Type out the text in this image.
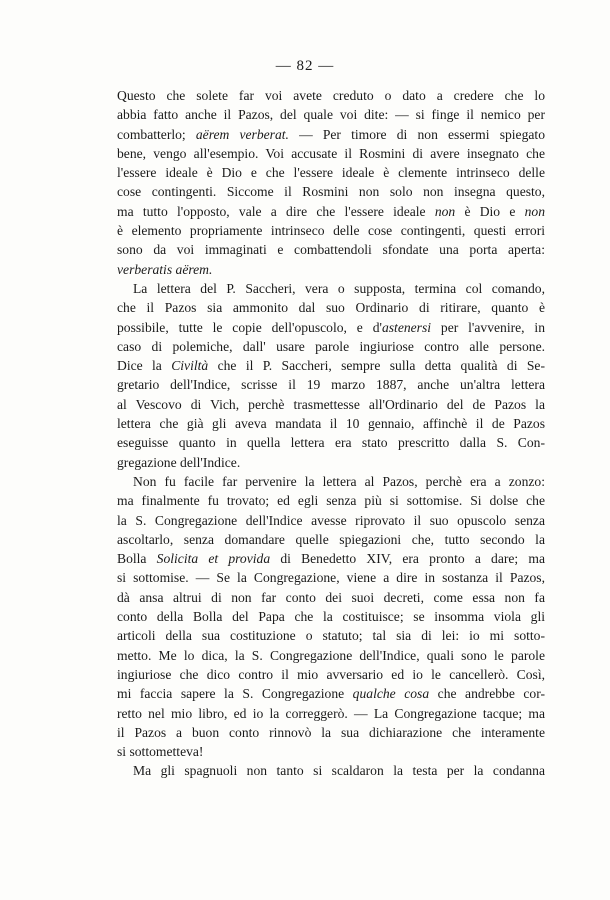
— 82 —
Questo che solete far voi avete creduto o dato a credere che lo
abbia fatto anche il Pazos, del quale voi dite: — si finge il nemico per
combatterlo; aërem verberat. — Per timore di non essermi spiegato
bene, vengo all'esempio. Voi accusate il Rosmini di avere insegnato che
l'essere ideale è Dio e che l'essere ideale è clemente intrinseco delle
cose contingenti. Siccome il Rosmini non solo non insegna questo,
ma tutto l'opposto, vale a dire che l'essere ideale non è Dio e non
è elemento propriamente intrinseco delle cose contingenti, questi errori
sono da voi immaginati e combattendoli sfondate una porta aperta:
verberatis aërem.
La lettera del P. Saccheri, vera o supposta, termina col comando,
che il Pazos sia ammonito dal suo Ordinario di ritirare, quanto è
possibile, tutte le copie dell'opuscolo, e d'astenersi per l'avvenire, in
caso di polemiche, dall' usare parole ingiuriose contro alle persone.
Dice la Civiltà che il P. Saccheri, sempre sulla detta qualità di Se-
gretario dell'Indice, scrisse il 19 marzo 1887, anche un'altra lettera
al Vescovo di Vich, perchè trasmettesse all'Ordinario del de Pazos la
lettera che già gli aveva mandata il 10 gennaio, affinchè il de Pazos
eseguisse quanto in quella lettera era stato prescritto dalla S. Con-
gregazione dell'Indice.
Non fu facile far pervenire la lettera al Pazos, perchè era a zonzo:
ma finalmente fu trovato; ed egli senza più si sottomise. Si dolse che
la S. Congregazione dell'Indice avesse riprovato il suo opuscolo senza
ascoltarlo, senza domandare quelle spiegazioni che, tutto secondo la
Bolla Solicita et provida di Benedetto XIV, era pronto a dare; ma
si sottomise. — Se la Congregazione, viene a dire in sostanza il Pazos,
dà ansa altrui di non far conto dei suoi decreti, come essa non fa
conto della Bolla del Papa che la costituisce; se insomma viola gli
articoli della sua costituzione o statuto; tal sia di lei: io mi sotto-
metto. Me lo dica, la S. Congregazione dell'Indice, quali sono le parole
ingiuriose che dico contro il mio avversario ed io le cancellerò. Così,
mi faccia sapere la S. Congregazione qualche cosa che andrebbe cor-
retto nel mio libro, ed io la correggerò. — La Congregazione tacque; ma
il Pazos a buon conto rinnovò la sua dichiarazione che interamente
si sottometteva!
Ma gli spagnuoli non tanto si scaldaron la testa per la condanna
